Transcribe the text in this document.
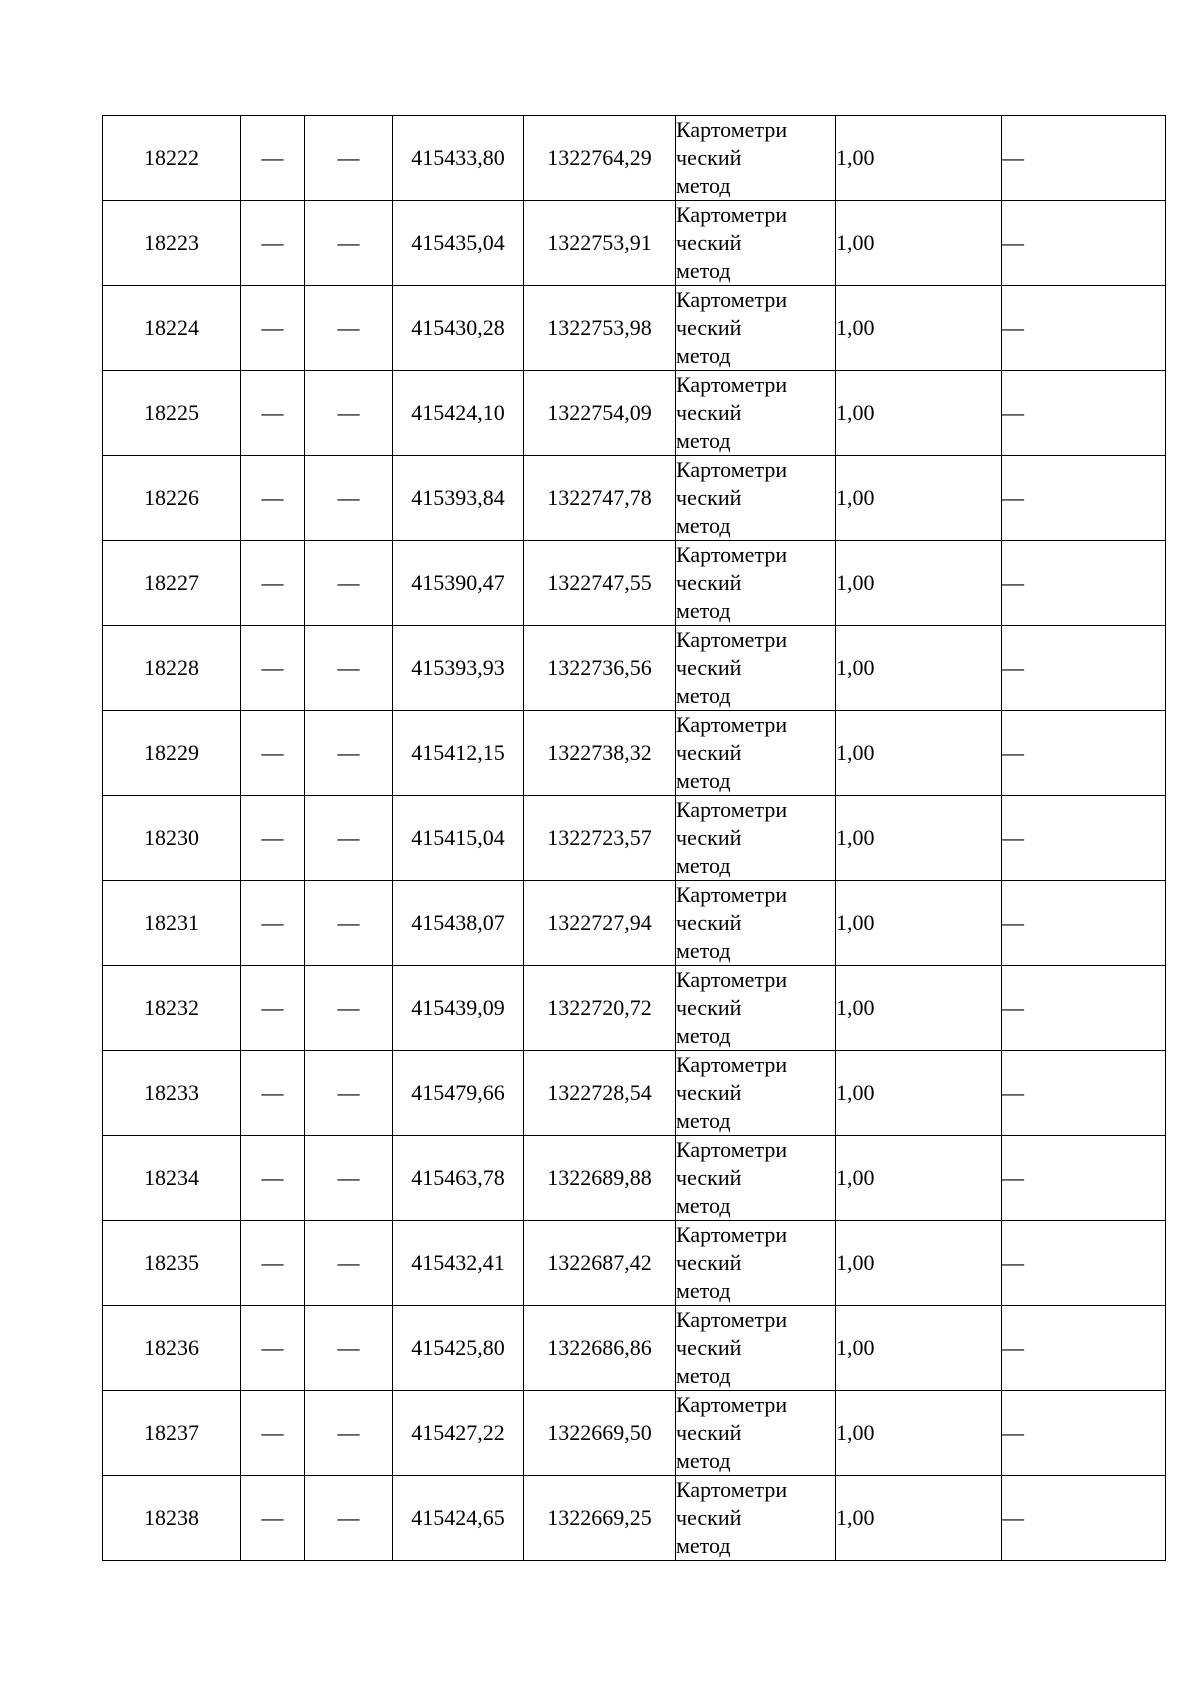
18222	—	—	415433,80	1322764,29	Картометри
ческий
метод	1,00	—
18223	—	—	415435,04	1322753,91	Картометри
ческий
метод	1,00	—
18224	—	—	415430,28	1322753,98	Картометри
ческий
метод	1,00	—
18225	—	—	415424,10	1322754,09	Картометри
ческий
метод	1,00	—
18226	—	—	415393,84	1322747,78	Картометри
ческий
метод	1,00	—
18227	—	—	415390,47	1322747,55	Картометри
ческий
метод	1,00	—
18228	—	—	415393,93	1322736,56	Картометри
ческий
метод	1,00	—
18229	—	—	415412,15	1322738,32	Картометри
ческий
метод	1,00	—
18230	—	—	415415,04	1322723,57	Картометри
ческий
метод	1,00	—
18231	—	—	415438,07	1322727,94	Картометри
ческий
метод	1,00	—
18232	—	—	415439,09	1322720,72	Картометри
ческий
метод	1,00	—
18233	—	—	415479,66	1322728,54	Картометри
ческий
метод	1,00	—
18234	—	—	415463,78	1322689,88	Картометри
ческий
метод	1,00	—
18235	—	—	415432,41	1322687,42	Картометри
ческий
метод	1,00	—
18236	—	—	415425,80	1322686,86	Картометри
ческий
метод	1,00	—
18237	—	—	415427,22	1322669,50	Картометри
ческий
метод	1,00	—
18238	—	—	415424,65	1322669,25	Картометри
ческий
метод	1,00	—
